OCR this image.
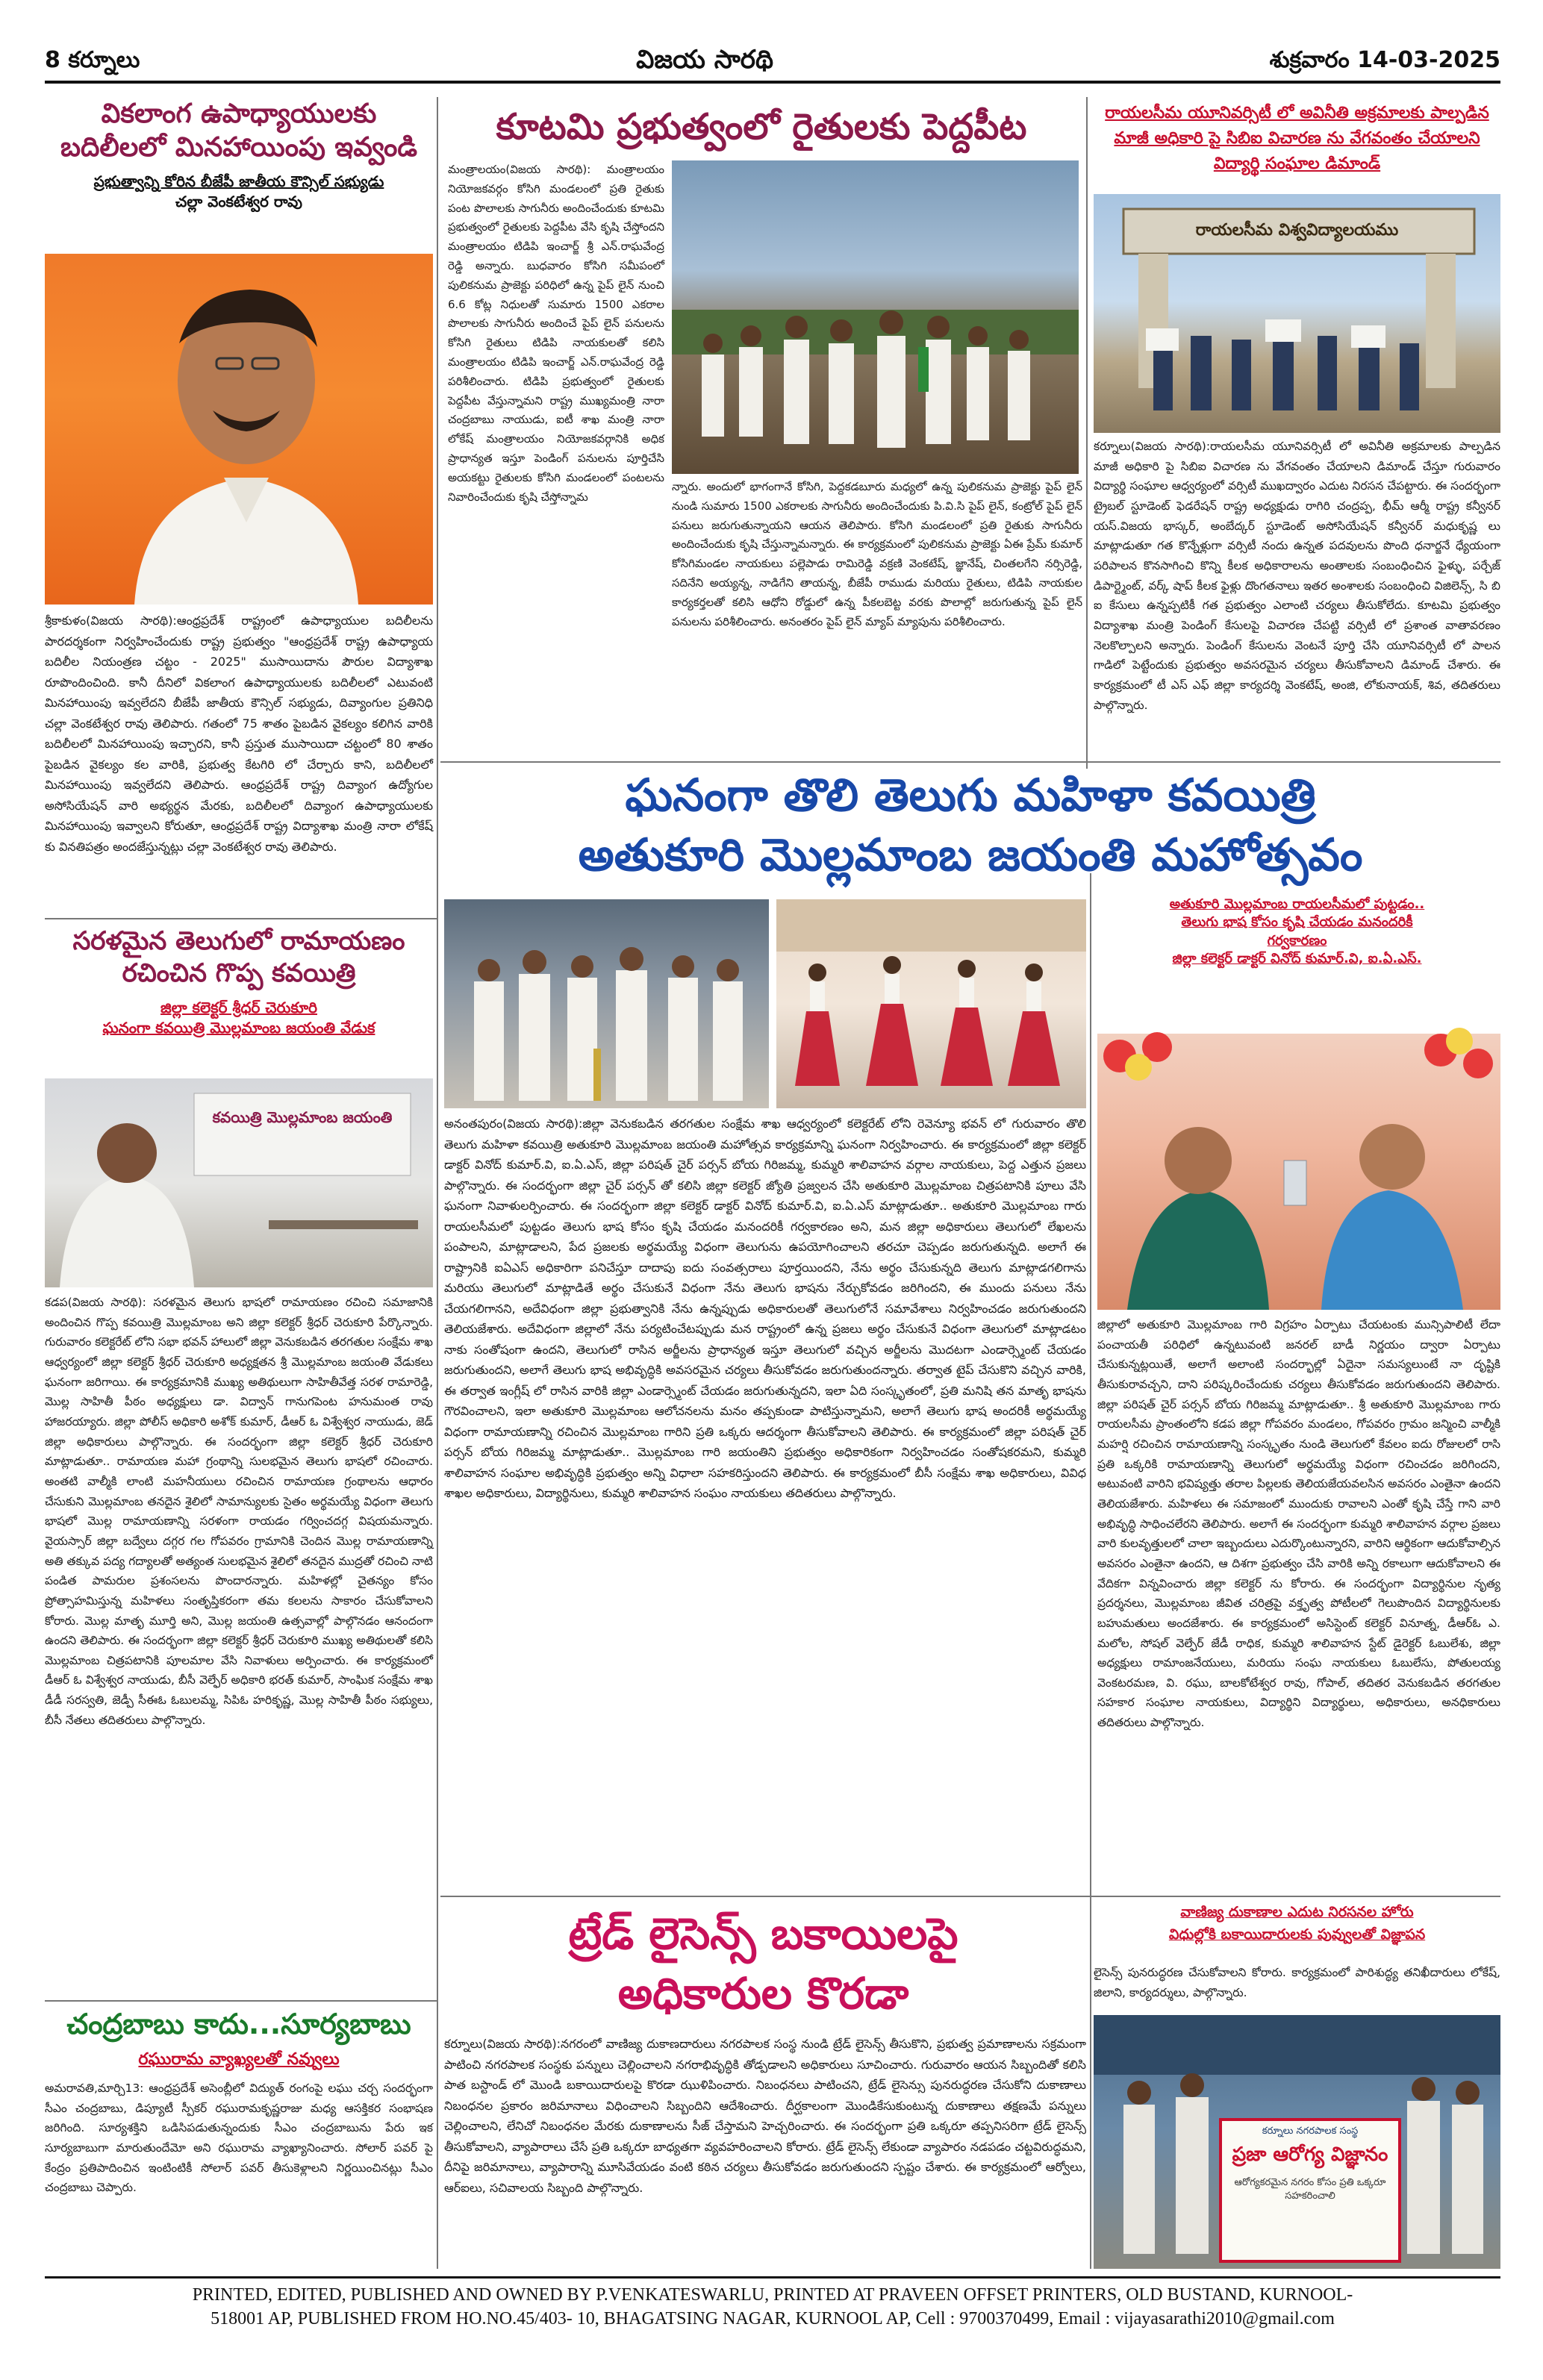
8 కర్నూలు	విజయ సారథి	శుక్రవారం 14-03-2025
వికలాంగ ఉపాధ్యాయులకు
బదిలీలలో మినహాయింపు ఇవ్వండి
ప్రభుత్వాన్ని కోరిన బీజేపీ జాతీయ కౌన్సిల్ సభ్యుడు
చల్లా వెంకటేశ్వర రావు
శ్రీకాకుళం(విజయ సారథి):ఆంధ్రప్రదేశ్ రాష్ట్రంలో ఉపాధ్యాయుల బదిలీలను పారదర్శకంగా నిర్వహించేందుకు రాష్ట్ర ప్రభుత్వం "ఆంధ్రప్రదేశ్ రాష్ట్ర ఉపాధ్యాయ బదిలీల నియంత్రణ చట్టం - 2025" ముసాయిదాను పౌరుల విద్యాశాఖ రూపొందించింది. కానీ దీనిలో వికలాంగ ఉపాధ్యాయులకు బదిలీలలో ఎటువంటి మినహాయింపు ఇవ్వలేదని బీజేపీ జాతీయ కౌన్సిల్ సభ్యుడు, దివ్యాంగుల ప్రతినిధి చల్లా వెంకటేశ్వర రావు తెలిపారు. గతంలో 75 శాతం పైబడిన వైకల్యం కలిగిన వారికి బదిలీలలో మినహాయింపు ఇచ్చారని, కానీ ప్రస్తుత ముసాయిదా చట్టంలో 80 శాతం పైబడిన వైకల్యం కల వారికి, ప్రభుత్వ కేటగిరి లో చేర్చారు కాని, బదిలీలలో మినహాయింపు ఇవ్వలేదని తెలిపారు. ఆంధ్రప్రదేశ్ రాష్ట్ర దివ్యాంగ ఉద్యోగుల అసోసియేషన్ వారి అభ్యర్థన మేరకు, బదిలీలలో దివ్యాంగ ఉపాధ్యాయులకు మినహాయింపు ఇవ్వాలని కోరుతూ, ఆంధ్రప్రదేశ్ రాష్ట్ర విద్యాశాఖ మంత్రి నారా లోకేష్ కు వినతిపత్రం అందజేస్తున్నట్లు చల్లా వెంకటేశ్వర రావు తెలిపారు.
కూటమి ప్రభుత్వంలో రైతులకు పెద్దపీట
మంత్రాలయం(విజయ సారథి): మంత్రాలయం నియోజకవర్గం కోసిగి మండలంలో ప్రతి రైతుకు పంట పొలాలకు సాగునీరు అందించేందుకు కూటమి ప్రభుత్వంలో రైతులకు పెద్దపీట వేసి కృషి చేస్తోందని మంత్రాలయం టిడిపి ఇంచార్జ్ శ్రీ ఎన్.రాఘవేంద్ర రెడ్డి అన్నారు. బుధవారం కోసిగి సమీపంలో పులికనుమ ప్రాజెక్టు పరిధిలో ఉన్న పైప్ లైన్ నుంచి 6.6 కోట్ల నిధులతో సుమారు 1500 ఎకరాల పొలాలకు సాగునీరు అందించే పైప్ లైన్ పనులను కోసిగి రైతులు టిడిపి నాయకులతో కలిసి మంత్రాలయం టిడిపి ఇంచార్జ్ ఎన్.రాఘవేంద్ర రెడ్డి పరిశీలించారు. టిడిపి ప్రభుత్వంలో రైతులకు పెద్దపీట వేస్తున్నామని రాష్ట్ర ముఖ్యమంత్రి నారా చంద్రబాబు నాయుడు, ఐటీ శాఖ మంత్రి నారా లోకేష్ మంత్రాలయం నియోజకవర్గానికి అధిక ప్రాధాన్యత ఇస్తూ పెండింగ్ పనులను పూర్తిచేసి అయకట్టు రైతులకు కోసిగి మండలంలో పంటలను నివారించేందుకు కృషి చేస్తోన్నామ
న్నారు. అందులో భాగంగానే కోసిగి, పెద్దకడబూరు మధ్యలో ఉన్న పులికనుమ ప్రాజెక్టు పైప్ లైన్ నుండి సుమారు 1500 ఎకరాలకు సాగునీరు అందించేందుకు పి.వి.సి పైప్ లైన్, కంట్రోల్ పైప్ లైన్ పనులు జరుగుతున్నాయని ఆయన తెలిపారు. కోసిగి మండలంలో ప్రతి రైతుకు సాగునీరు అందించేందుకు కృషి చేస్తున్నామన్నారు. ఈ కార్యక్రమంలో పులికనుమ ప్రాజెక్టు ఏఈ ప్రేమ్ కుమార్ కోసిగిమండల నాయకులు పల్లెపాడు రామిరెడ్డి వక్రణి వెంకటేష్, జ్ఞానేష్, చింతలగేని నర్సిరెడ్డి, సదినేని అయ్యన్న, నాడిగేని తాయన్న, బీజేపీ రాముడు మరియు రైతులు, టిడిపి నాయకుల కార్యకర్తలతో కలిసి ఆధోని రోడ్డులో ఉన్న పీకలబెట్ట వరకు పొలాల్లో జరుగుతున్న పైప్ లైన్ పనులను పరిశీలించారు. అనంతరం పైప్ లైన్ మ్యాప్ మ్యాపును పరిశీలించారు.
రాయలసీమ యూనివర్సిటీ లో అవినీతి అక్రమాలకు పాల్పడిన మాజీ అధికారి పై సిబిఐ విచారణ ను వేగవంతం చేయాలని విద్యార్థి సంఘాల డిమాండ్
రాయలసీమ విశ్వవిద్యాలయము
కర్నూలు(విజయ సారథి):రాయలసీమ యూనివర్సిటీ లో అవినీతి అక్రమాలకు పాల్పడిన మాజీ అధికారి పై సిబిఐ విచారణ ను వేగవంతం చేయాలని డిమాండ్ చేస్తూ గురువారం విద్యార్థి సంఘాల ఆధ్వర్యంలో వర్సిటీ ముఖద్వారం ఎదుట నిరసన చేపట్టారు. ఈ సందర్భంగా ట్రైబల్ స్టూడెంట్ ఫెడరేషన్ రాష్ట్ర అధ్యక్షుడు రాగిరి చంద్రప్ప, భీమ్ ఆర్మీ రాష్ట్ర కన్వీనర్ యస్.విజయ భాస్కర్, అంబేద్కర్ స్టూడెంట్ అసోసియేషన్ కన్వీనర్ మధుకృష్ణ లు మాట్లాడుతూ గత కొన్నేళ్లుగా వర్సిటీ నందు ఉన్నత పదవులను పొంది ధనార్జనే ధ్యేయంగా పరిపాలన కొనసాగించి కొన్ని కీలక అధికారాలను అంతాలకు సంబంధించిన ఫైళ్ళు, పర్చేజ్ డిపార్ట్మెంట్, వర్క్ షాప్ కీలక ఫైళ్లు దొంగతనాలు ఇతర అంశాలకు సంబంధించి విజిలెన్స్, సి బి ఐ కేసులు ఉన్నప్పటికీ గత ప్రభుత్వం ఎలాంటి చర్యలు తీసుకోలేదు. కూటమి ప్రభుత్వం విద్యాశాఖ మంత్రి పెండింగ్ కేసులపై విచారణ చేపట్టి వర్సిటీ లో ప్రశాంత వాతావరణం నెలకొల్పాలని అన్నారు. పెండింగ్ కేసులను వెంటనే పూర్తి చేసి యూనివర్సిటీ లో పాలన గాడిలో పెట్టేందుకు ప్రభుత్వం అవసరమైన చర్యలు తీసుకోవాలని డిమాండ్ చేశారు. ఈ కార్యక్రమంలో టీ ఎస్ ఎఫ్ జిల్లా కార్యదర్శి వెంకటేష్, అంజి, లోకునాయక్, శివ, తదితరులు పాల్గొన్నారు.
ఘనంగా తొలి తెలుగు మహిళా కవయిత్రి
అతుకూరి మొల్లమాంబ జయంతి మహోత్సవం
అతుకూరి మొల్లమాంబ రాయలసీమలో పుట్టడం..
తెలుగు భాష కోసం కృషి చేయడం మనందరికీ
గర్వకారణం
జిల్లా కలెక్టర్ డాక్టర్ వినోద్ కుమార్.వి, ఐ.ఏ.ఎస్.
అనంతపురం(విజయ సారథి):జిల్లా వెనుకబడిన తరగతుల సంక్షేమ శాఖ ఆధ్వర్యంలో కలెక్టరేట్ లోని రెవెన్యూ భవన్ లో గురువారం తొలి తెలుగు మహిళా కవయిత్రి అతుకూరి మొల్లమాంబ జయంతి మహోత్సవ కార్యక్రమాన్ని ఘనంగా నిర్వహించారు. ఈ కార్యక్రమంలో జిల్లా కలెక్టర్ డాక్టర్ వినోద్ కుమార్.వి, ఐ.ఏ.ఎస్, జిల్లా పరిషత్ చైర్ పర్సన్ బోయ గిరిజమ్మ, కుమ్మరి శాలివాహన వర్గాల నాయకులు, పెద్ద ఎత్తున ప్రజలు పాల్గొన్నారు. ఈ సందర్భంగా జిల్లా చైర్ పర్సన్ తో కలిసి జిల్లా కలెక్టర్ జ్యోతి ప్రజ్వలన చేసి అతుకూరి మొల్లమాంబ చిత్రపటానికి పూలు వేసి ఘనంగా నివాళులర్పించారు. ఈ సందర్భంగా జిల్లా కలెక్టర్ డాక్టర్ వినోద్ కుమార్.వి, ఐ.ఏ.ఎస్ మాట్లాడుతూ.. అతుకూరి మొల్లమాంబ గారు రాయలసీమలో పుట్టడం తెలుగు భాష కోసం కృషి చేయడం మనందరికీ గర్వకారణం అని, మన జిల్లా అధికారులు తెలుగులో లేఖలను పంపాలని, మాట్లాడాలని, పేద ప్రజలకు అర్థమయ్యే విధంగా తెలుగును ఉపయోగించాలని తరచూ చెప్పడం జరుగుతున్నది. అలాగే ఈ రాష్ట్రానికి ఐఏఎస్ అధికారిగా పనిచేస్తూ దాదాపు ఐదు సంవత్సరాలు పూర్తయిందని, నేను అర్థం చేసుకున్నది తెలుగు మాట్లాడగలిగాను మరియు తెలుగులో మాట్లాడితే అర్థం చేసుకునే విధంగా నేను తెలుగు భాషను నేర్చుకోవడం జరిగిందని, ఈ ముందు పనులు నేను చేయగలిగానని, అదేవిధంగా జిల్లా ప్రభుత్వానికి నేను ఉన్నప్పుడు అధికారులతో తెలుగులోనే సమావేశాలు నిర్వహించడం జరుగుతుందని తెలియజేశారు. అదేవిధంగా జిల్లాలో నేను పర్యటించేటప్పుడు మన రాష్ట్రంలో ఉన్న ప్రజలు అర్థం చేసుకునే విధంగా తెలుగులో మాట్లాడటం నాకు సంతోషంగా ఉందని, తెలుగులో రాసిన అర్జీలను ప్రాధాన్యత ఇస్తూ తెలుగులో వచ్చిన అర్జీలను మొదటగా ఎండార్స్మెంట్ చేయడం జరుగుతుందని, అలాగే తెలుగు భాష అభివృద్ధికి అవసరమైన చర్యలు తీసుకోవడం జరుగుతుందన్నారు. తర్వాత టైప్ చేసుకొని వచ్చిన వారికి, ఈ తర్వాత ఇంగ్లీష్ లో రాసిన వారికి జిల్లా ఎండార్స్మెంట్ చేయడం జరుగుతున్నదని, ఇలా ఏది సంస్కృతంలో, ప్రతి మనిషి తన మాతృ భాషను గౌరవించాలని, ఇలా అతుకూరి మొల్లమాంబ ఆలోచనలను మనం తప్పకుండా పాటిస్తున్నామని, అలాగే తెలుగు భాష అందరికీ అర్థమయ్యే విధంగా రామాయణాన్ని రచించిన మొల్లమాంబ గారిని ప్రతి ఒక్కరు ఆదర్శంగా తీసుకోవాలని తెలిపారు. ఈ కార్యక్రమంలో జిల్లా పరిషత్ చైర్ పర్సన్ బోయ గిరిజమ్మ మాట్లాడుతూ.. మొల్లమాంబ గారి జయంతిని ప్రభుత్వం అధికారికంగా నిర్వహించడం సంతోషకరమని, కుమ్మరి శాలివాహన సంఘాల అభివృద్ధికి ప్రభుత్వం అన్ని విధాలా సహకరిస్తుందని తెలిపారు. ఈ కార్యక్రమంలో బీసీ సంక్షేమ శాఖ అధికారులు, వివిధ శాఖల అధికారులు, విద్యార్థినులు, కుమ్మరి శాలివాహన సంఘం నాయకులు తదితరులు పాల్గొన్నారు.
జిల్లాలో అతుకూరి మొల్లమాంబ గారి విగ్రహం ఏర్పాటు చేయటంకు మున్సిపాలిటీ లేదా పంచాయతీ పరిధిలో ఉన్నటువంటి జనరల్ బాడీ నిర్ణయం ద్వారా ఏర్పాటు చేసుకున్నట్లయితే, అలాగే అలాంటి సందర్భాల్లో ఏదైనా సమస్యలుంటే నా దృష్టికి తీసుకురావచ్చని, దాని పరిష్కరించేందుకు చర్యలు తీసుకోవడం జరుగుతుందని తెలిపారు. జిల్లా పరిషత్ చైర్ పర్సన్ బోయ గిరిజమ్మ మాట్లాడుతూ.. శ్రీ అతుకూరి మొల్లమాంబ గారు రాయలసీమ ప్రాంతంలోని కడప జిల్లా గోపవరం మండలం, గోపవరం గ్రామం జన్మించి వాల్మీకి మహర్షి రచించిన రామాయణాన్ని సంస్కృతం నుండి తెలుగులో కేవలం ఐదు రోజులలో రాసి ప్రతి ఒక్కరికి రామాయణాన్ని తెలుగులో అర్థమయ్యే విధంగా రచించడం జరిగిందని, అటువంటి వారిని భవిష్యత్తు తరాల పిల్లలకు తెలియజేయవలసిన అవసరం ఎంతైనా ఉందని తెలియజేశారు. మహిళలు ఈ సమాజంలో ముందుకు రావాలని ఎంతో కృషి చేస్తే గాని వారి అభివృద్ధి సాధించలేరని తెలిపారు. అలాగే ఈ సందర్భంగా కుమ్మరి శాలివాహన వర్గాల ప్రజలు వారి కులవృత్తులలో చాలా ఇబ్బందులు ఎదుర్కొంటున్నారని, వారిని ఆర్థికంగా ఆదుకోవాల్సిన అవసరం ఎంతైనా ఉందని, ఆ దిశగా ప్రభుత్వం చేసి వారికి అన్ని రకాలుగా ఆదుకోవాలని ఈ వేదికగా విన్నవించారు జిల్లా కలెక్టర్ ను కోరారు. ఈ సందర్భంగా విద్యార్థినుల నృత్య ప్రదర్శనలు, మొల్లమాంబ జీవిత చరిత్రపై వక్తృత్వ పోటీలలో గెలుపొందిన విద్యార్థినులకు బహుమతులు అందజేశారు. ఈ కార్యక్రమంలో అసిస్టెంట్ కలెక్టర్ వినూత్న, డీఆర్ఓ ఎ. మలోల, సోషల్ వెల్ఫేర్ జేడీ రాధిక, కుమ్మరి శాలివాహన స్టేట్ డైరెక్టర్ ఓబులేశు, జిల్లా అధ్యక్షులు రామాంజనేయులు, మరియు సంఘ నాయకులు ఓబులేసు, పోతులయ్య వెంకటరమణ, వి. రఘు, బాలకోటేశ్వర రావు, గోపాల్, తదితర వెనుకబడిన తరగతుల సహకార సంఘాల నాయకులు, విద్యార్థిని విద్యార్థులు, అధికారులు, అనధికారులు తదితరులు పాల్గొన్నారు.
సరళమైన తెలుగులో రామాయణం
రచించిన గొప్ప కవయిత్రి
జిల్లా కలెక్టర్ శ్రీధర్ చెరుకూరి
ఘనంగా కవయిత్రి మొల్లమాంబ జయంతి వేడుక
కవయిత్రి మొల్లమాంబ జయంతి
కడప(విజయ సారథి): సరళమైన తెలుగు భాషలో రామాయణం రచించి సమాజానికి అందించిన గొప్ప కవయిత్రి మొల్లమాంబ అని జిల్లా కలెక్టర్ శ్రీధర్ చెరుకూరి పేర్కొన్నారు. గురువారం కలెక్టరేట్ లోని సభా భవన్ హాలులో జిల్లా వెనుకబడిన తరగతుల సంక్షేమ శాఖ ఆధ్వర్యంలో జిల్లా కలెక్టర్ శ్రీధర్ చెరుకూరి అధ్యక్షతన శ్రీ మొల్లమాంబ జయంతి వేడుకలు ఘనంగా జరిగాయి. ఈ కార్యక్రమానికి ముఖ్య అతిథులుగా సాహితీవేత్త సరళ రామారెడ్డి, మొల్ల సాహితీ పీఠం అధ్యక్షులు డా. విద్వాన్ గానుగపెంట హనుమంత రావు హాజరయ్యారు. జిల్లా పోలీస్ అధికారి అశోక్ కుమార్, డీఆర్ ఓ విశ్వేశ్వర నాయుడు, జెడ్ జిల్లా అధికారులు పాల్గొన్నారు. ఈ సందర్భంగా జిల్లా కలెక్టర్ శ్రీధర్ చెరుకూరి మాట్లాడుతూ.. రామాయణ మహా గ్రంథాన్ని సులభమైన తెలుగు భాషలో రచించారు. అంతటి వాల్మీకి లాంటి మహనీయులు రచించిన రామాయణ గ్రంథాలను ఆధారం చేసుకుని మొల్లమాంబ తనదైన శైలిలో సామాన్యులకు సైతం అర్థమయ్యే విధంగా తెలుగు భాషలో మొల్ల రామాయణాన్ని సరళంగా రాయడం గర్వించదగ్గ విషయమన్నారు. వైయస్సార్ జిల్లా బద్వేలు దగ్గర గల గోపవరం గ్రామానికి చెందిన మొల్ల రామాయణాన్ని అతి తక్కువ పద్య గద్యాలతో అత్యంత సులభమైన శైలిలో తనదైన ముద్రతో రచించి నాటి పండిత పామరుల ప్రశంసలను పొందారన్నారు. మహిళల్లో చైతన్యం కోసం ప్రోత్సాహమిస్తున్న మహిళలు సంతృప్తికరంగా తమ కలలను సాకారం చేసుకోవాలని కోరారు. మొల్ల మాతృ మూర్తి అని, మొల్ల జయంతి ఉత్సవాల్లో పాల్గొనడం ఆనందంగా ఉందని తెలిపారు. ఈ సందర్భంగా జిల్లా కలెక్టర్ శ్రీధర్ చెరుకూరి ముఖ్య అతిథులతో కలిసి మొల్లమాంబ చిత్రపటానికి పూలమాల వేసి నివాళులు అర్పించారు. ఈ కార్యక్రమంలో డీఆర్ ఓ విశ్వేశ్వర నాయుడు, బీసీ వెల్ఫేర్ అధికారి భరత్ కుమార్, సాంఘిక సంక్షేమ శాఖ డీడీ సరస్వతి, జెడ్పీ సీఈఓ ఓబులమ్మ, సిపిఓ హరికృష్ణ, మొల్ల సాహితీ పీఠం సభ్యులు, బీసీ నేతలు తదితరులు పాల్గొన్నారు.
చంద్రబాబు కాదు...సూర్యబాబు
రఘురామ వ్యాఖ్యలతో నవ్వులు
అమరావతి,మార్చి13: ఆంధ్రప్రదేశ్ అసెంబ్లీలో విద్యుత్ రంగంపై లఘు చర్చ సందర్భంగా సీఎం చంద్రబాబు, డిప్యూటీ స్పీకర్ రఘురామకృష్ణరాజు మధ్య ఆసక్తికర సంభాషణ జరిగింది. సూర్యశక్తిని ఒడిసిపడుతున్నందుకు సీఎం చంద్రబాబును పేరు ఇక సూర్యబాబుగా మారుతుందేమో అని రఘురామ వ్యాఖ్యానించారు. సోలార్ పవర్ పై కేంద్రం ప్రతిపాదించిన ఇంటింటికీ సోలార్ పవర్ తీసుకెళ్లాలని నిర్ణయించినట్లు సీఎం చంద్రబాబు చెప్పారు.
ట్రేడ్ లైసెన్స్ బకాయిలపై
అధికారుల కొరడా
కర్నూలు(విజయ సారథి):నగరంలో వాణిజ్య దుకాణదారులు నగరపాలక సంస్థ నుండి ట్రేడ్ లైసెన్స్ తీసుకొని, ప్రభుత్వ ప్రమాణాలను సక్రమంగా పాటించి నగరపాలక సంస్థకు పన్నులు చెల్లించాలని నగరాభివృద్ధికి తోడ్పడాలని అధికారులు సూచించారు. గురువారం ఆయన సిబ్బందితో కలిసి పాత బస్టాండ్ లో మొండి బకాయిదారులపై కొరడా ఝుళిపించారు. నిబంధనలు పాటించని, ట్రేడ్ లైసెన్సు పునరుద్ధరణ చేసుకోని దుకాణాలు నిబంధనల ప్రకారం జరిమానాలు విధించాలని సిబ్బందిని ఆదేశించారు. దీర్ఘకాలంగా మొండికేసుకుంటున్న దుకాణాలు తక్షణమే పన్నులు చెల్లించాలని, లేనిచో నిబంధనల మేరకు దుకాణాలను సీజ్ చేస్తామని హెచ్చరించారు. ఈ సందర్భంగా ప్రతి ఒక్కరూ తప్పనిసరిగా ట్రేడ్ లైసెన్స్ తీసుకోవాలని, వ్యాపారాలు చేసే ప్రతి ఒక్కరూ బాధ్యతగా వ్యవహరించాలని కోరారు. ట్రేడ్ లైసెన్స్ లేకుండా వ్యాపారం నడపడం చట్టవిరుద్ధమని, దీనిపై జరిమానాలు, వ్యాపారాన్ని మూసివేయడం వంటి కఠిన చర్యలు తీసుకోవడం జరుగుతుందని స్పష్టం చేశారు. ఈ కార్యక్రమంలో ఆర్వోలు, ఆర్ఐలు, సచివాలయ సిబ్బంది పాల్గొన్నారు.
వాణిజ్య దుకాణాల ఎదుట నిరసనల హోరు
విధుల్లోకి బకాయిదారులకు పువ్వులతో విజ్ఞాపన
లైసెన్స్ పునరుద్ధరణ చేసుకోవాలని కోరారు. కార్యక్రమంలో పారిశుద్ధ్య తనిఖీదారులు లోకేష్, జిలాని, కార్యదర్శులు, పాల్గొన్నారు.
కర్నూలు నగరపాలక సంస్థ
ప్రజా ఆరోగ్య విజ్ఞానం
ఆరోగ్యకరమైన నగరం కోసం ప్రతి ఒక్కరూ సహకరించాలి
PRINTED, EDITED, PUBLISHED AND OWNED BY P.VENKATESWARLU, PRINTED AT PRAVEEN OFFSET PRINTERS, OLD BUSTAND, KURNOOL-
518001 AP, PUBLISHED FROM HO.NO.45/403- 10, BHAGATSING NAGAR, KURNOOL AP, Cell : 9700370499, Email : vijayasarathi2010@gmail.com
